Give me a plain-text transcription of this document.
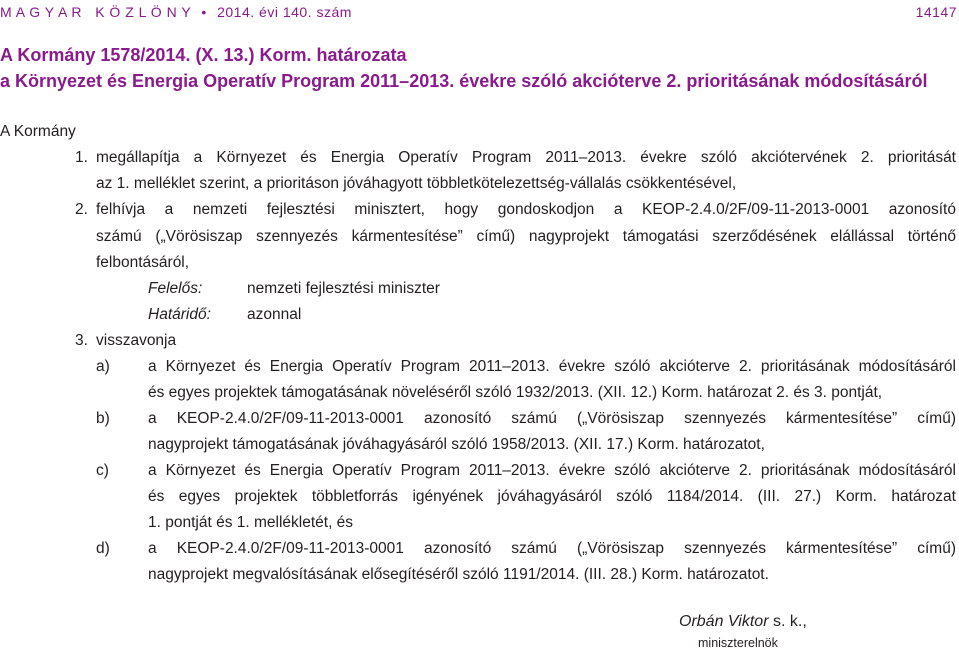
M A G Y A R   K Ö Z L Ö N Y • 2014. évi 140. szám	14147
A Kormány 1578/2014. (X. 13.) Korm. határozata
a Környezet és Energia Operatív Program 2011–2013. évekre szóló akcióterve 2. prioritásának módosításáról
A Kormány
1. megállapítja a Környezet és Energia Operatív Program 2011–2013. évekre szóló akciótervének 2. prioritását
az 1. melléklet szerint, a prioritáson jóváhagyott többletkötelezettség-vállalás csökkentésével,
2. felhívja a nemzeti fejlesztési minisztert, hogy gondoskodjon a KEOP-2.4.0/2F/09-11-2013-0001 azonosító
számú („Vörösiszap szennyezés kármentesítése” című) nagyprojekt támogatási szerződésének elállással történő
felbontásáról,
Felelős:	nemzeti fejlesztési miniszter
Határidő: azonnal
3. visszavonja
a) a Környezet és Energia Operatív Program 2011–2013. évekre szóló akcióterve 2. prioritásának módosításáról
és egyes projektek támogatásának növeléséről szóló 1932/2013. (XII. 12.) Korm. határozat 2. és 3. pontját,
b) a KEOP-2.4.0/2F/09-11-2013-0001 azonosító számú („Vörösiszap szennyezés kármentesítése” című)
nagyprojekt támogatásának jóváhagyásáról szóló 1958/2013. (XII. 17.) Korm. határozatot,
c)	a Környezet és Energia Operatív Program 2011–2013. évekre szóló akcióterve 2. prioritásának módosításáról
és egyes projektek többletforrás igényének jóváhagyásáról szóló 1184/2014. (III. 27.) Korm. határozat
1. pontját és 1. mellékletét, és
d) a KEOP-2.4.0/2F/09-11-2013-0001 azonosító számú („Vörösiszap szennyezés kármentesítése” című)
nagyprojekt megvalósításának elősegítéséről szóló 1191/2014. (III. 28.) Korm. határozatot.
Orbán Viktor s. k.,
miniszterelnök
